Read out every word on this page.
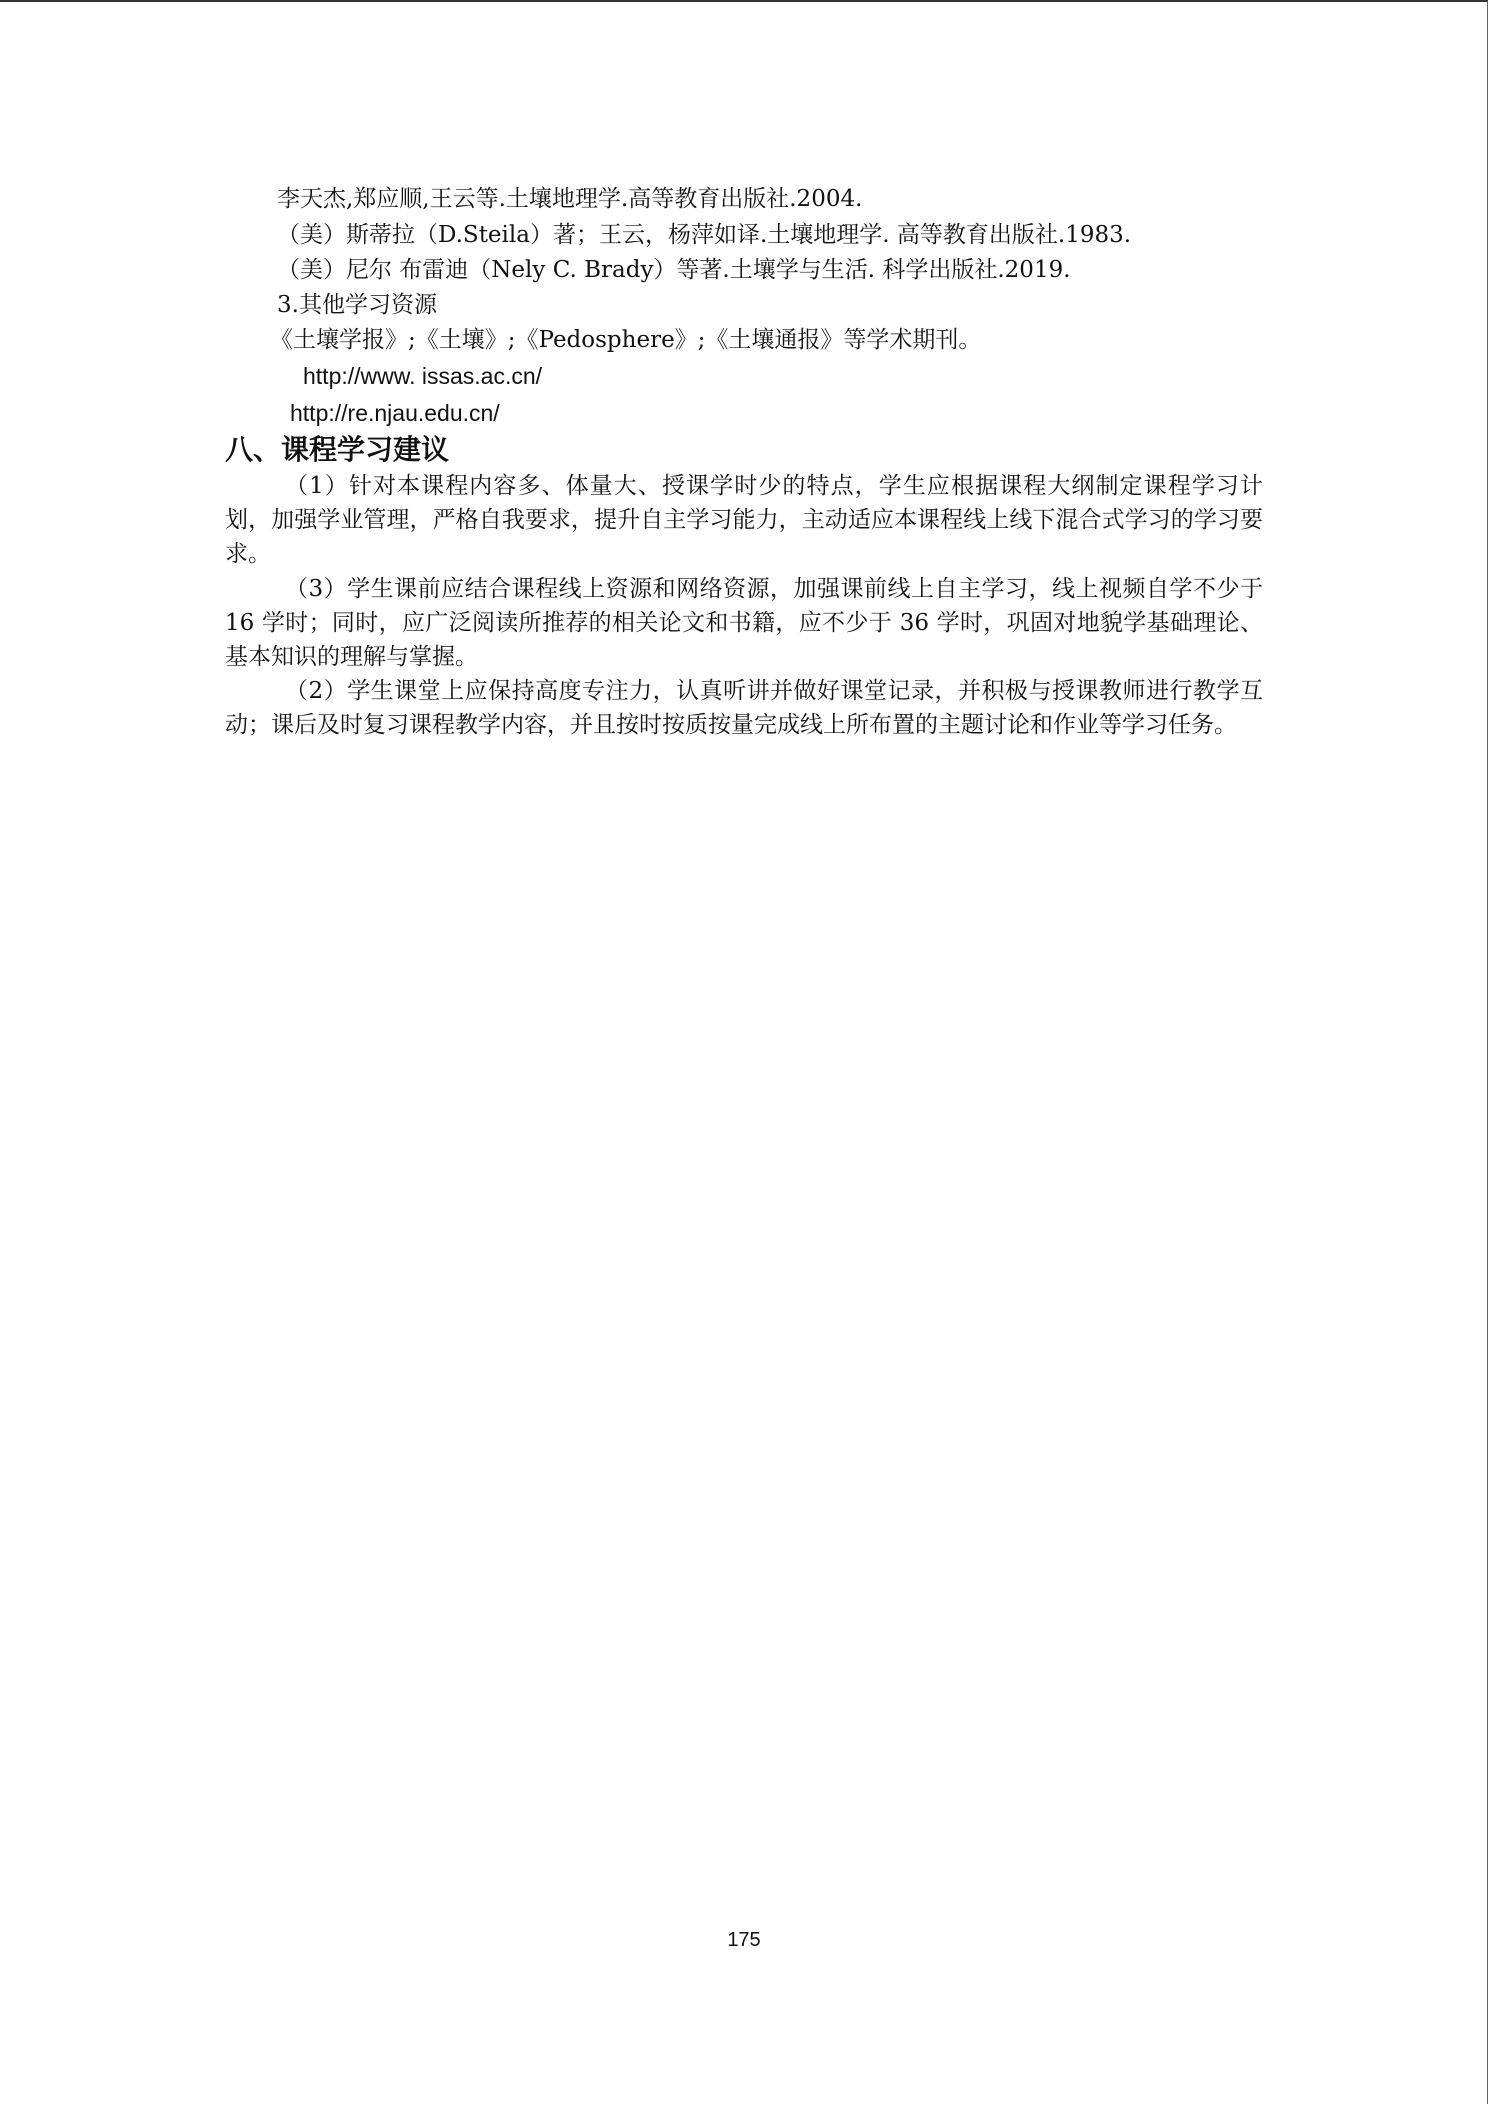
李天杰,郑应顺,王云等.土壤地理学.高等教育出版社.2004.
（美）斯蒂拉（D.Steila）著；王云，杨萍如译.土壤地理学. 高等教育出版社.1983.
（美）尼尔 布雷迪（Nely C. Brady）等著.土壤学与生活. 科学出版社.2019.
3.其他学习资源
《土壤学报》;《土壤》;《Pedosphere》;《土壤通报》等学术期刊。
http://www. issas.ac.cn/
http://re.njau.edu.cn/
八、课程学习建议

（1）针对本课程内容多、体量大、授课学时少的特点，学生应根据课程大纲制定课程学习计划，加强学业管理，严格自我要求，提升自主学习能力，主动适应本课程线上线下混合式学习的学习要求。

（3）学生课前应结合课程线上资源和网络资源，加强课前线上自主学习，线上视频自学不少于 16 学时；同时，应广泛阅读所推荐的相关论文和书籍，应不少于 36 学时，巩固对地貌学基础理论、基本知识的理解与掌握。

（2）学生课堂上应保持高度专注力，认真听讲并做好课堂记录，并积极与授课教师进行教学互动；课后及时复习课程教学内容，并且按时按质按量完成线上所布置的主题讨论和作业等学习任务。

175
